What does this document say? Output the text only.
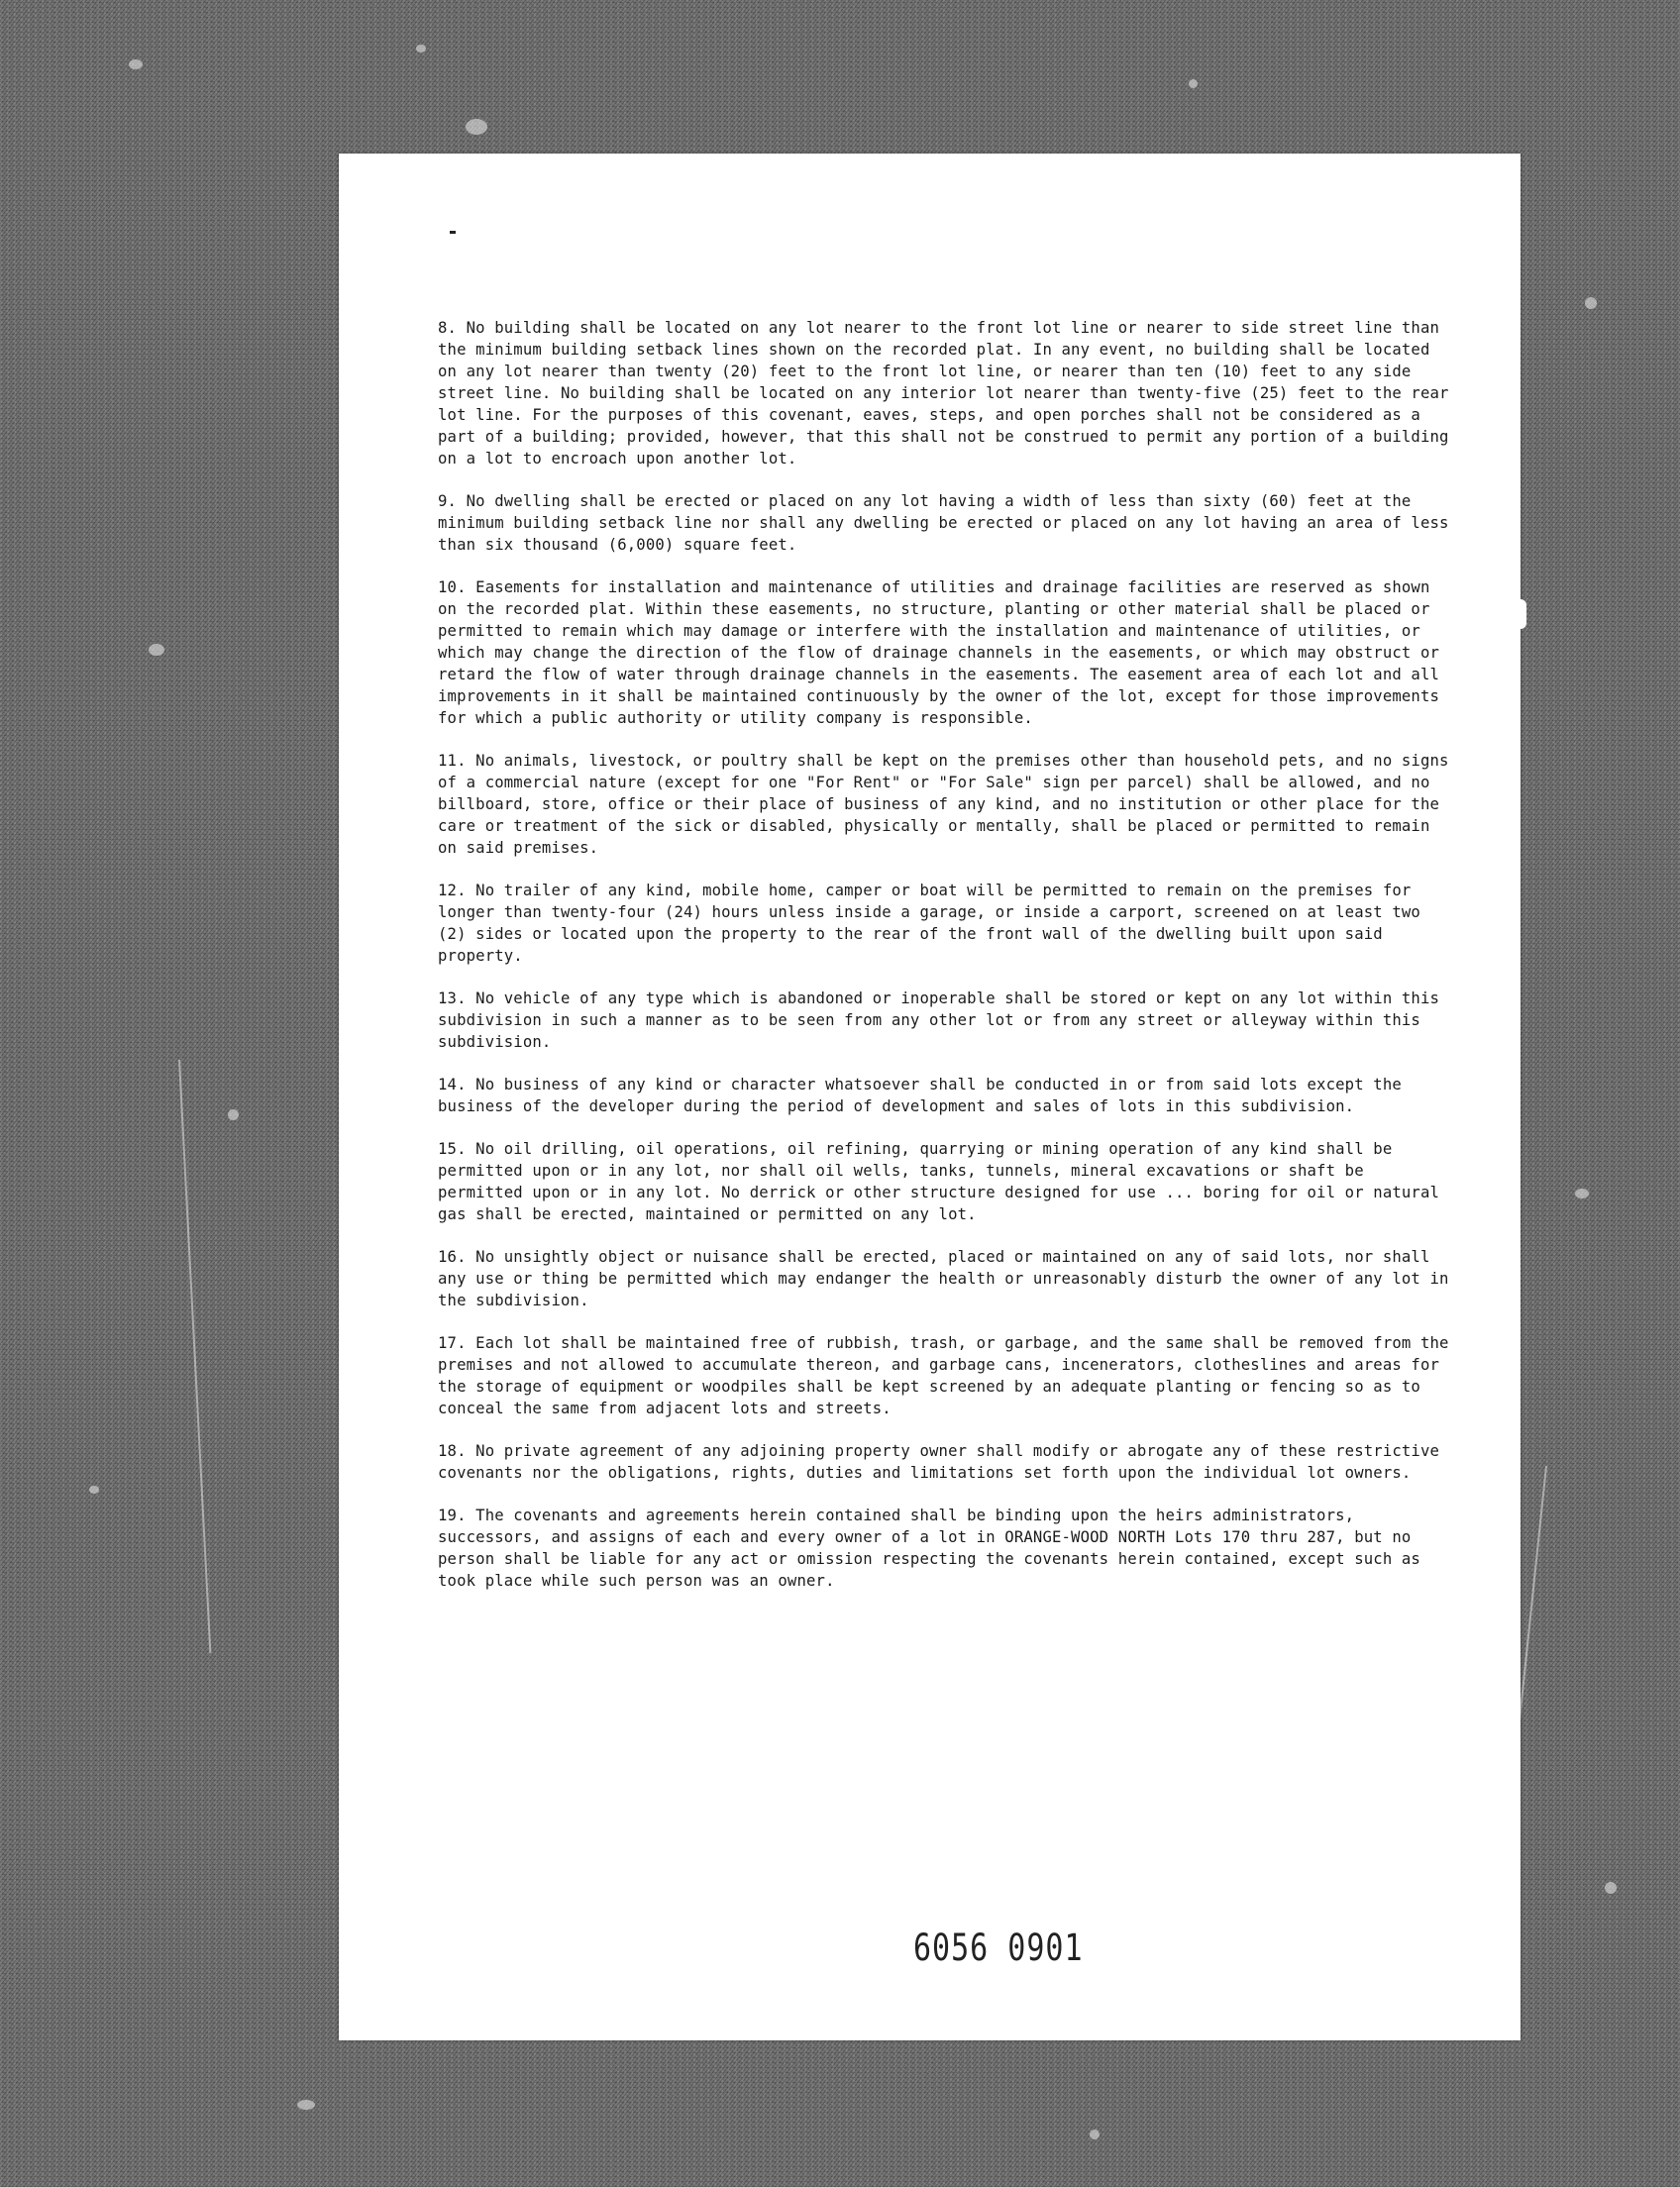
8. No building shall be located on any lot nearer to the front lot line or nearer to side street line than the minimum building setback lines shown on the recorded plat. In any event, no building shall be located on any lot nearer than twenty (20) feet to the front lot line, or nearer than ten (10) feet to any side street line. No building shall be located on any interior lot nearer than twenty-five (25) feet to the rear lot line. For the purposes of this covenant, eaves, steps, and open porches shall not be considered as a part of a building; provided, however, that this shall not be construed to permit any portion of a building on a lot to encroach upon another lot.

9. No dwelling shall be erected or placed on any lot having a width of less than sixty (60) feet at the minimum building setback line nor shall any dwelling be erected or placed on any lot having an area of less than six thousand (6,000) square feet.

10. Easements for installation and maintenance of utilities and drainage facilities are reserved as shown on the recorded plat. Within these easements, no structure, planting or other material shall be placed or permitted to remain which may damage or interfere with the installation and maintenance of utilities, or which may change the direction of the flow of drainage channels in the easements, or which may obstruct or retard the flow of water through drainage channels in the easements. The easement area of each lot and all improvements in it shall be maintained continuously by the owner of the lot, except for those improvements for which a public authority or utility company is responsible.

11. No animals, livestock, or poultry shall be kept on the premises other than household pets, and no signs of a commercial nature (except for one "For Rent" or "For Sale" sign per parcel) shall be allowed, and no billboard, store, office or their place of business of any kind, and no institution or other place for the care or treatment of the sick or disabled, physically or mentally, shall be placed or permitted to remain on said premises.

12. No trailer of any kind, mobile home, camper or boat will be permitted to remain on the premises for longer than twenty-four (24) hours unless inside a garage, or inside a carport, screened on at least two (2) sides or located upon the property to the rear of the front wall of the dwelling built upon said property.

13. No vehicle of any type which is abandoned or inoperable shall be stored or kept on any lot within this subdivision in such a manner as to be seen from any other lot or from any street or alleyway within this subdivision.

14. No business of any kind or character whatsoever shall be conducted in or from said lots except the business of the developer during the period of development and sales of lots in this subdivision.

15. No oil drilling, oil operations, oil refining, quarrying or mining operation of any kind shall be permitted upon or in any lot, nor shall oil wells, tanks, tunnels, mineral excavations or shaft be permitted upon or in any lot. No derrick or other structure designed for use ... boring for oil or natural gas shall be erected, maintained or permitted on any lot.

16. No unsightly object or nuisance shall be erected, placed or maintained on any of said lots, nor shall any use or thing be permitted which may endanger the health or unreasonably disturb the owner of any lot in the subdivision.

17. Each lot shall be maintained free of rubbish, trash, or garbage, and the same shall be removed from the premises and not allowed to accumulate thereon, and garbage cans, incenerators, clotheslines and areas for the storage of equipment or woodpiles shall be kept screened by an adequate planting or fencing so as to conceal the same from adjacent lots and streets.

18. No private agreement of any adjoining property owner shall modify or abrogate any of these restrictive covenants nor the obligations, rights, duties and limitations set forth upon the individual lot owners.

19. The covenants and agreements herein contained shall be binding upon the heirs administrators, successors, and assigns of each and every owner of a lot in ORANGE-WOOD NORTH Lots 170 thru 287, but no person shall be liable for any act or omission respecting the covenants herein contained, except such as took place while such person was an owner.

6056 0901
